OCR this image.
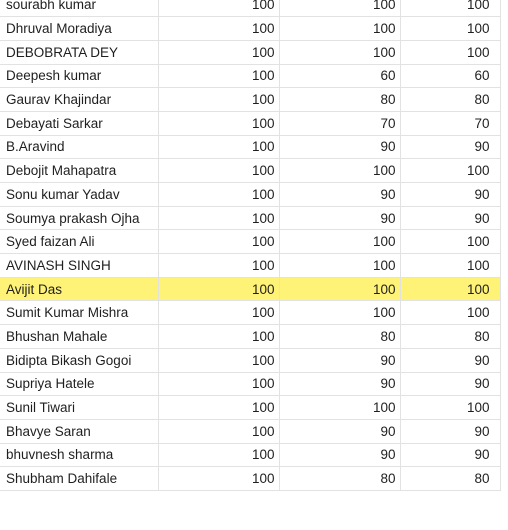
sourabh kumar	100	100	100
Dhruval Moradiya	100	100	100
DEBOBRATA DEY	100	100	100
Deepesh kumar	100	60	60
Gaurav Khajindar	100	80	80
Debayati Sarkar	100	70	70
B.Aravind	100	90	90
Debojit Mahapatra	100	100	100
Sonu kumar Yadav	100	90	90
Soumya prakash Ojha	100	90	90
Syed faizan Ali	100	100	100
AVINASH SINGH	100	100	100
Avijit Das	100	100	100
Sumit Kumar Mishra	100	100	100
Bhushan Mahale	100	80	80
Bidipta Bikash Gogoi	100	90	90
Supriya Hatele	100	90	90
Sunil Tiwari	100	100	100
Bhavye Saran	100	90	90
bhuvnesh sharma	100	90	90
Shubham Dahifale	100	80	80
